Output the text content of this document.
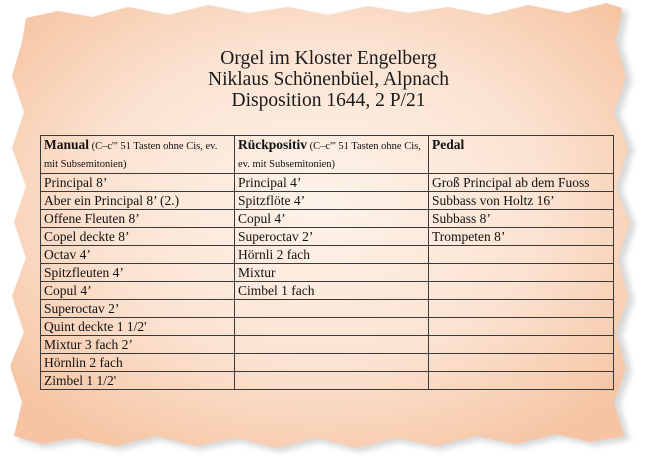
Orgel im Kloster Engelberg
Niklaus Schönenbüel, Alpnach
Disposition 1644, 2 P/21
Manual (C–c''' 51 Tasten ohne Cis, ev. mit Subsemitonien)	Rückpositiv (C–c''' 51 Tasten ohne Cis, ev. mit Subsemitonien)	Pedal
Principal 8’	Principal 4’	Groß Principal ab dem Fuoss
Aber ein Principal 8’ (2.)	Spitzflöte 4’	Subbass von Holtz 16’
Offene Fleuten 8’	Copul 4’	Subbass 8’
Copel deckte 8’	Superoctav 2’	Trompeten 8’
Octav 4’	Hörnli 2 fach	
Spitzfleuten 4’	Mixtur	
Copul 4’	Cimbel 1 fach	
Superoctav 2’		
Quint deckte 1 1/2'		
Mixtur 3 fach 2’		
Hörnlin 2 fach		
Zimbel 1 1/2'		
